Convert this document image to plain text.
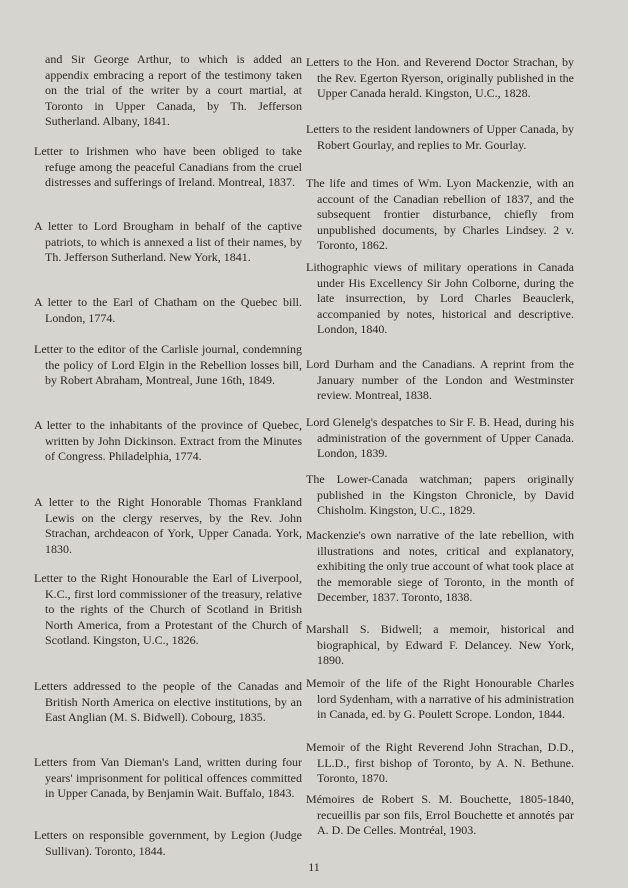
and Sir George Arthur, to which is added an appendix embracing a report of the testimony taken on the trial of the writer by a court martial, at Toronto in Upper Canada, by Th. Jefferson Sutherland. Albany, 1841.

Letter to Irishmen who have been obliged to take refuge among the peaceful Canadians from the cruel distresses and sufferings of Ireland. Montreal, 1837.

A letter to Lord Brougham in behalf of the captive patriots, to which is annexed a list of their names, by Th. Jefferson Sutherland. New York, 1841.

A letter to the Earl of Chatham on the Quebec bill. London, 1774.

Letter to the editor of the Carlisle journal, condemning the policy of Lord Elgin in the Rebellion losses bill, by Robert Abraham, Montreal, June 16th, 1849.

A letter to the inhabitants of the province of Quebec, written by John Dickinson. Extract from the Minutes of Congress. Philadelphia, 1774.

A letter to the Right Honorable Thomas Frankland Lewis on the clergy reserves, by the Rev. John Strachan, archdeacon of York, Upper Canada. York, 1830.

Letter to the Right Honourable the Earl of Liverpool, K.C., first lord commissioner of the treasury, relative to the rights of the Church of Scotland in British North America, from a Protestant of the Church of Scotland. Kingston, U.C., 1826.

Letters addressed to the people of the Canadas and British North America on elective institutions, by an East Anglian (M. S. Bidwell). Cobourg, 1835.

Letters from Van Dieman's Land, written during four years' imprisonment for political offences committed in Upper Canada, by Benjamin Wait. Buffalo, 1843.

Letters on responsible government, by Legion (Judge Sullivan). Toronto, 1844.

Letters to the Hon. and Reverend Doctor Strachan, by the Rev. Egerton Ryerson, originally published in the Upper Canada herald. Kingston, U.C., 1828.

Letters to the resident landowners of Upper Canada, by Robert Gourlay, and replies to Mr. Gourlay.

The life and times of Wm. Lyon Mackenzie, with an account of the Canadian rebellion of 1837, and the subsequent frontier disturbance, chiefly from unpublished documents, by Charles Lindsey. 2 v. Toronto, 1862.

Lithographic views of military operations in Canada under His Excellency Sir John Colborne, during the late insurrection, by Lord Charles Beauclerk, accompanied by notes, historical and descriptive. London, 1840.

Lord Durham and the Canadians. A reprint from the January number of the London and Westminster review. Montreal, 1838.

Lord Glenelg's despatches to Sir F. B. Head, during his administration of the government of Upper Canada. London, 1839.

The Lower-Canada watchman; papers originally published in the Kingston Chronicle, by David Chisholm. Kingston, U.C., 1829.

Mackenzie's own narrative of the late rebellion, with illustrations and notes, critical and explanatory, exhibiting the only true account of what took place at the memorable siege of Toronto, in the month of December, 1837. Toronto, 1838.

Marshall S. Bidwell; a memoir, historical and biographical, by Edward F. Delancey. New York, 1890.

Memoir of the life of the Right Honourable Charles lord Sydenham, with a narrative of his administration in Canada, ed. by G. Poulett Scrope. London, 1844.

Memoir of the Right Reverend John Strachan, D.D., LL.D., first bishop of Toronto, by A. N. Bethune. Toronto, 1870.

Mémoires de Robert S. M. Bouchette, 1805-1840, recueillis par son fils, Errol Bouchette et annotés par A. D. De Celles. Montréal, 1903.

11
